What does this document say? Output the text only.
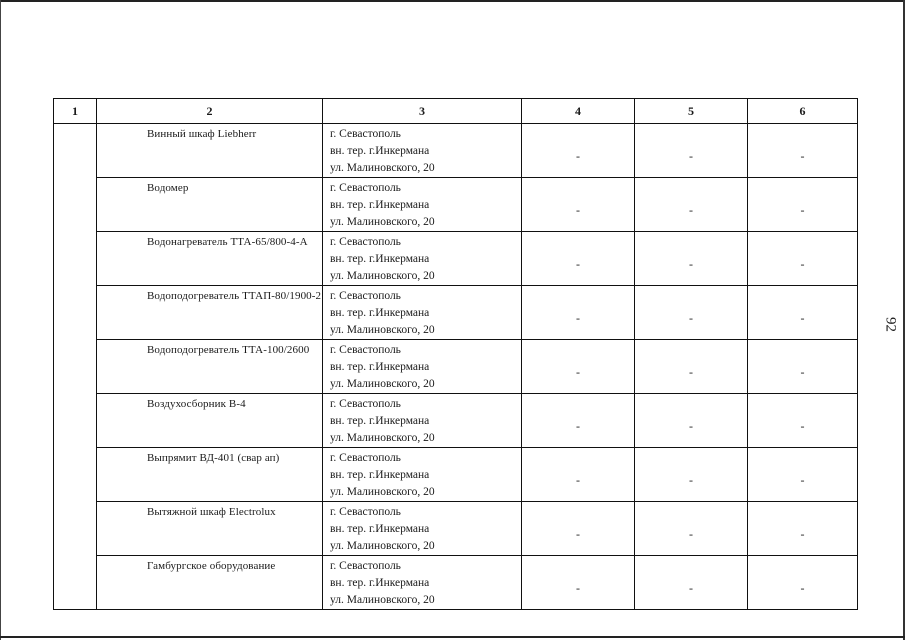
92
1	2	3	4	5	6
	Винный шкаф Liebherr	г. Севастополь
вн. тер. г.Инкермана
ул. Малиновского, 20	-	-	-
	Водомер	г. Севастополь
вн. тер. г.Инкермана
ул. Малиновского, 20	-	-	-
	Водонагреватель ТТА-65/800-4-А	г. Севастополь
вн. тер. г.Инкермана
ул. Малиновского, 20	-	-	-
	Водоподогреватель ТТАП-80/1900-2	г. Севастополь
вн. тер. г.Инкермана
ул. Малиновского, 20	-	-	-
	Водоподогреватель ТТА-100/2600	г. Севастополь
вн. тер. г.Инкермана
ул. Малиновского, 20	-	-	-
	Воздухосборник В-4	г. Севастополь
вн. тер. г.Инкермана
ул. Малиновского, 20	-	-	-
	Выпрямит ВД-401 (свар ап)	г. Севастополь
вн. тер. г.Инкермана
ул. Малиновского, 20	-	-	-
	Вытяжной шкаф Electrolux	г. Севастополь
вн. тер. г.Инкермана
ул. Малиновского, 20	-	-	-
	Гамбургское оборудование	г. Севастополь
вн. тер. г.Инкермана
ул. Малиновского, 20	-	-	-
